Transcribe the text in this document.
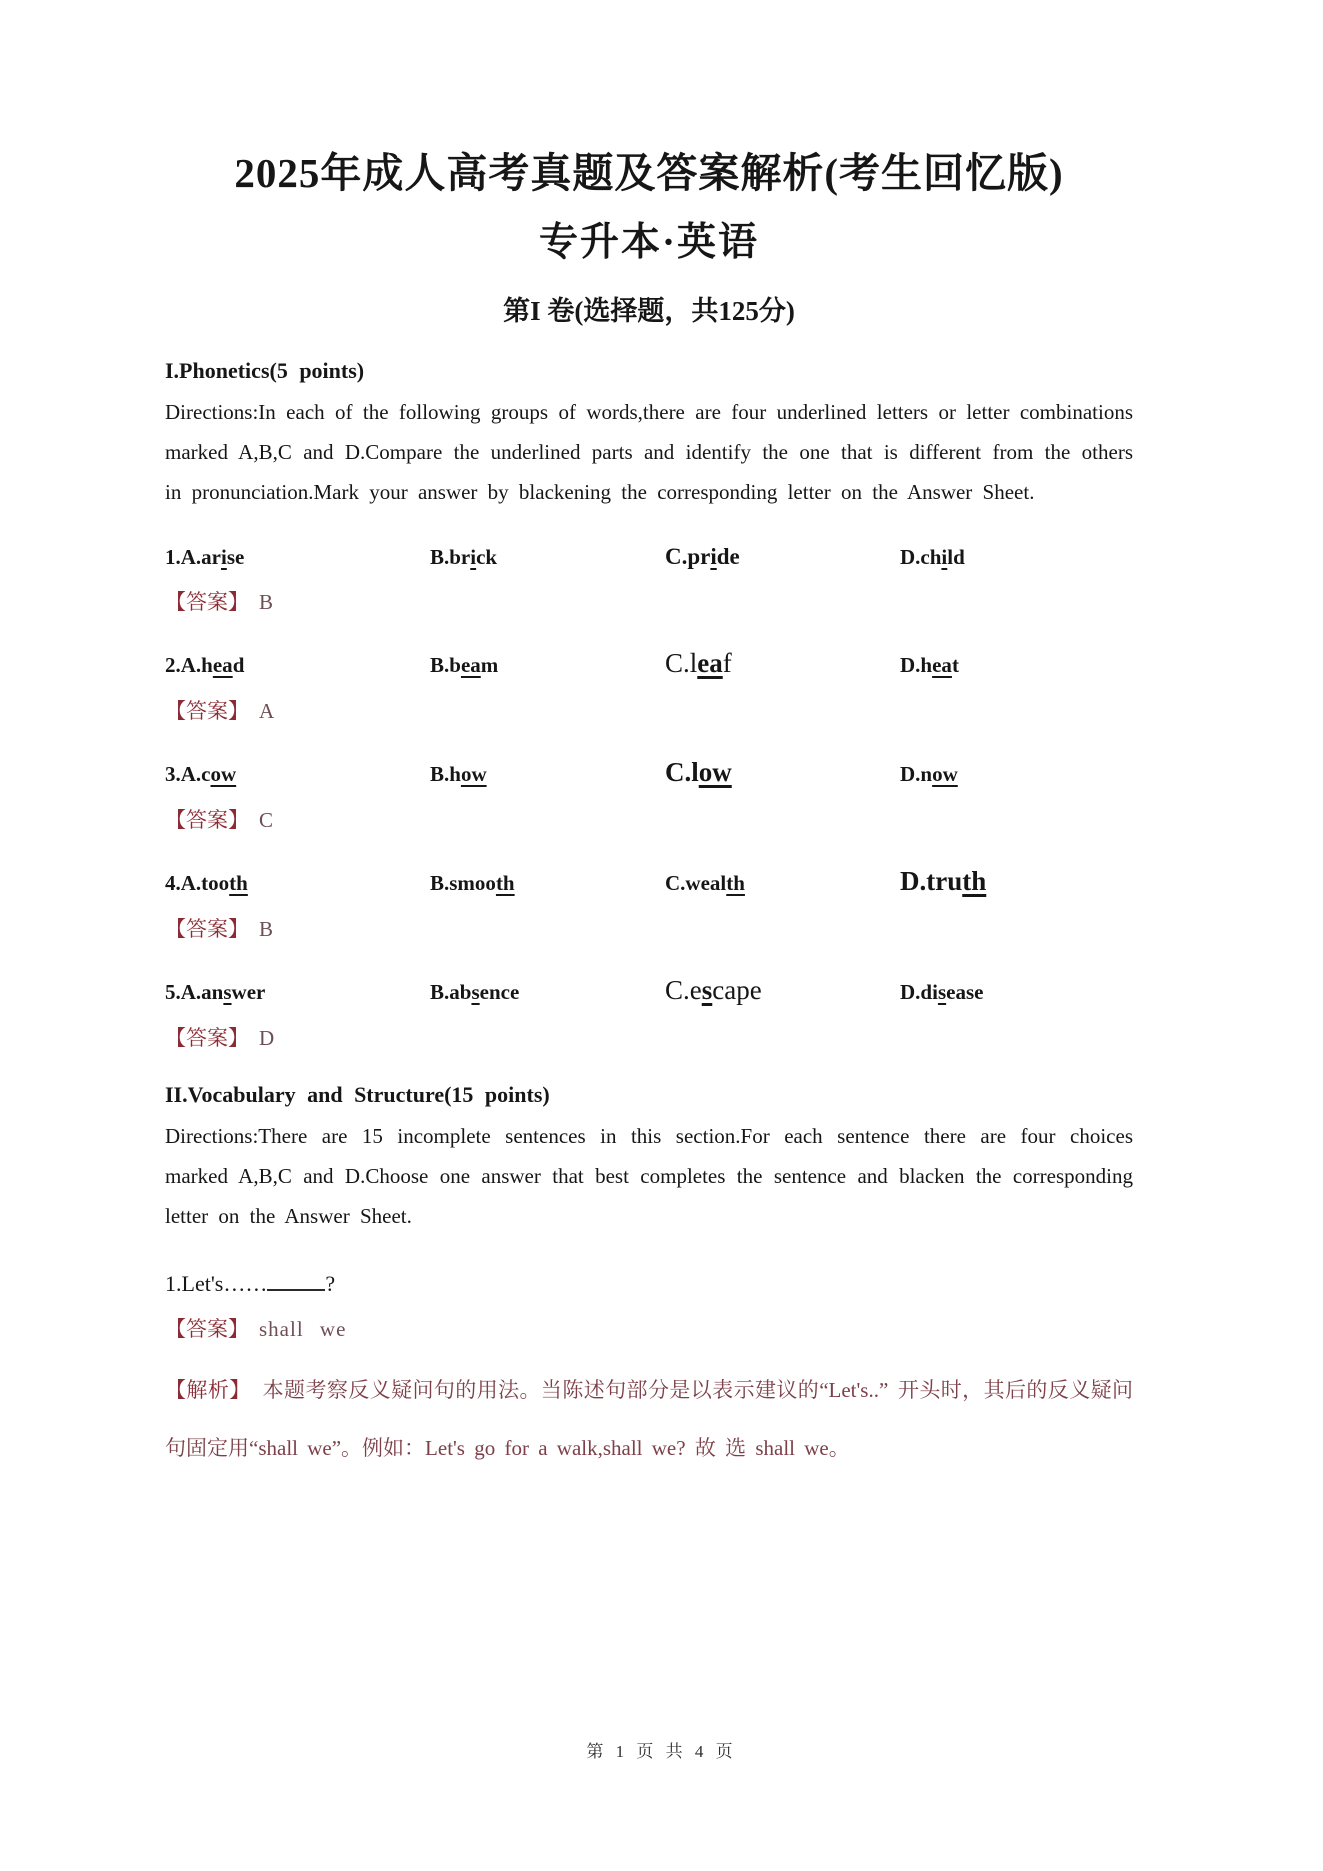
2025年成人高考真题及答案解析(考生回忆版)
专升本·英语
第I 卷(选择题，共125分)
I.Phonetics(5 points)
Directions:In each of the following groups of words,there are four underlined letters or letter combinations marked A,B,C and D.Compare the underlined parts and identify the one that is different from the others in pronunciation.Mark your answer by blackening the corresponding letter on the Answer Sheet.
1.A.arise	B.brick	C.pride	D.child
【答案】 B
2.A.head	B.beam	C.leaf	D.heat
【答案】 A
3.A.cow	B.how	C.low	D.now
【答案】 C
4.A.tooth	B.smooth	C.wealth	D.truth
【答案】 B
5.A.answer	B.absence	C.escape	D.disease
【答案】 D
II.Vocabulary and Structure(15 points)
Directions:There are 15 incomplete sentences in this section.For each sentence there are four choices marked A,B,C and D.Choose one answer that best completes the sentence and blacken the corresponding letter on the Answer Sheet.
1.Let's……	?
【答案】 shall we
【解析】 本题考察反义疑问句的用法。当陈述句部分是以表示建议的“Let's..” 开头时，其后的反义疑问句固定用“shall we”。例如：Let's go for a walk,shall we? 故 选 shall we。
第 1 页 共 4 页
